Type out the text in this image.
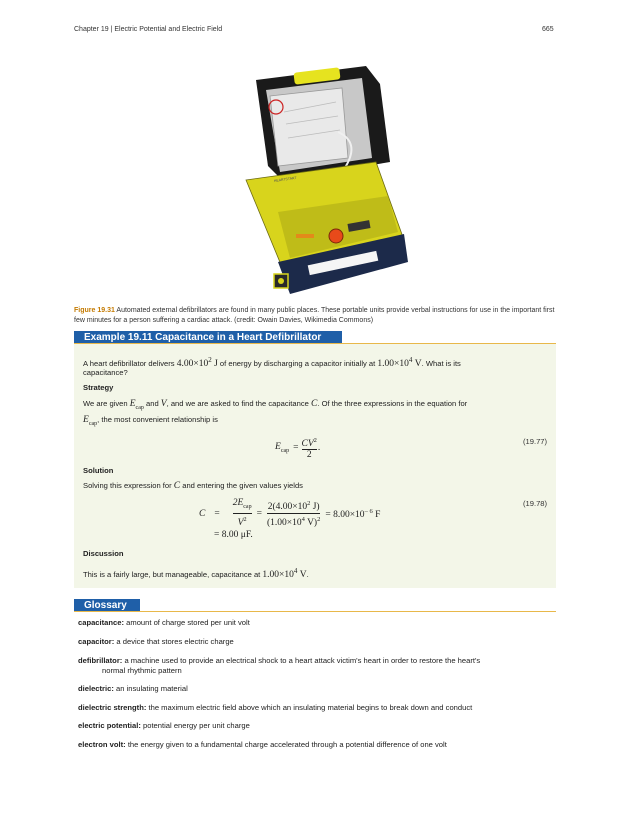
Chapter 19 | Electric Potential and Electric Field	665
HEARTSTART
Figure 19.31 Automated external defibrillators are found in many public places. These portable units provide verbal instructions for use in the important first few minutes for a person suffering a cardiac attack. (credit: Owain Davies, Wikimedia Commons)
Example 19.11 Capacitance in a Heart Defibrillator
A heart defibrillator delivers $4.00\times 10^2$ J of energy by discharging a capacitor initially at $1.00\times 10^4$ V. What is its
capacitance?
Strategy
We are given $E_{cap}$ and V, and we are asked to find the capacitance C. Of the three expressions in the equation for
$E_{cap}$, the most convenient relationship is
$E_{cap}$	=	$CV^2$
2
	.
(19.77)
Solution
Solving this expression for C and entering the given values yields
C	=	
$2E_{cap}$
$V^2$
	=	
$2(4.00\times 10^2$ J)
($1.00\times 10^4$ V)$^2$	= $8.00\times 10^{- 6}$ F
= 8.00 μF.
(19.78)
Discussion
This is a fairly large, but manageable, capacitance at $1.00\times 10^4$ V.
Glossary
capacitance: amount of charge stored per unit volt
capacitor: a device that stores electric charge
defibrillator: a machine used to provide an electrical shock to a heart attack victim's heart in order to restore the heart's
normal rhythmic pattern
dielectric: an insulating material
dielectric strength: the maximum electric field above which an insulating material begins to break down and conduct
electric potential: potential energy per unit charge
electron volt: the energy given to a fundamental charge accelerated through a potential difference of one volt
